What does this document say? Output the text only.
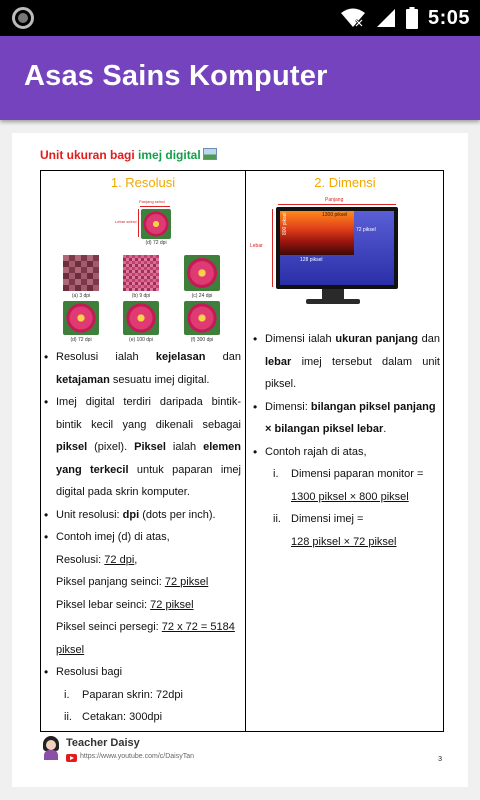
5:05
Asas Sains Komputer
Unit ukuran bagi imej digital
1. Resolusi
Panjang seinci
Lebar seinci
(d) 72 dpi
(a) 3 dpi	(b) 9 dpi	(c) 24 dpi
(d) 72 dpi	(e) 100 dpi	(f) 300 dpi
• Resolusi ialah kejelasan dan ketajaman sesuatu imej digital.
• Imej digital terdiri daripada bintik-bintik kecil yang dikenali sebagai piksel (pixel). Piksel ialah elemen yang terkecil untuk paparan imej digital pada skrin komputer.
• Unit resolusi: dpi (dots per inch).
• Contoh imej (d) di atas,
Resolusi: 72 dpi,
Piksel panjang seinci: 72 piksel
Piksel lebar seinci: 72 piksel
Piksel seinci persegi: 72 x 72 = 5184 piksel
• Resolusi bagi
i. Paparan skrin: 72dpi
ii. Cetakan: 300dpi
2. Dimensi
Panjang
Lebar
1300 piksel
800 piksel
128 piksel
72 piksel
• Dimensi ialah ukuran panjang dan lebar imej tersebut dalam unit piksel.
• Dimensi: bilangan piksel panjang × bilangan piksel lebar.
• Contoh rajah di atas,
i. Dimensi paparan monitor =
1300 piksel × 800 piksel
ii. Dimensi imej =
128 piksel × 72 piksel
Teacher Daisy
https://www.youtube.com/c/DaisyTan	3
